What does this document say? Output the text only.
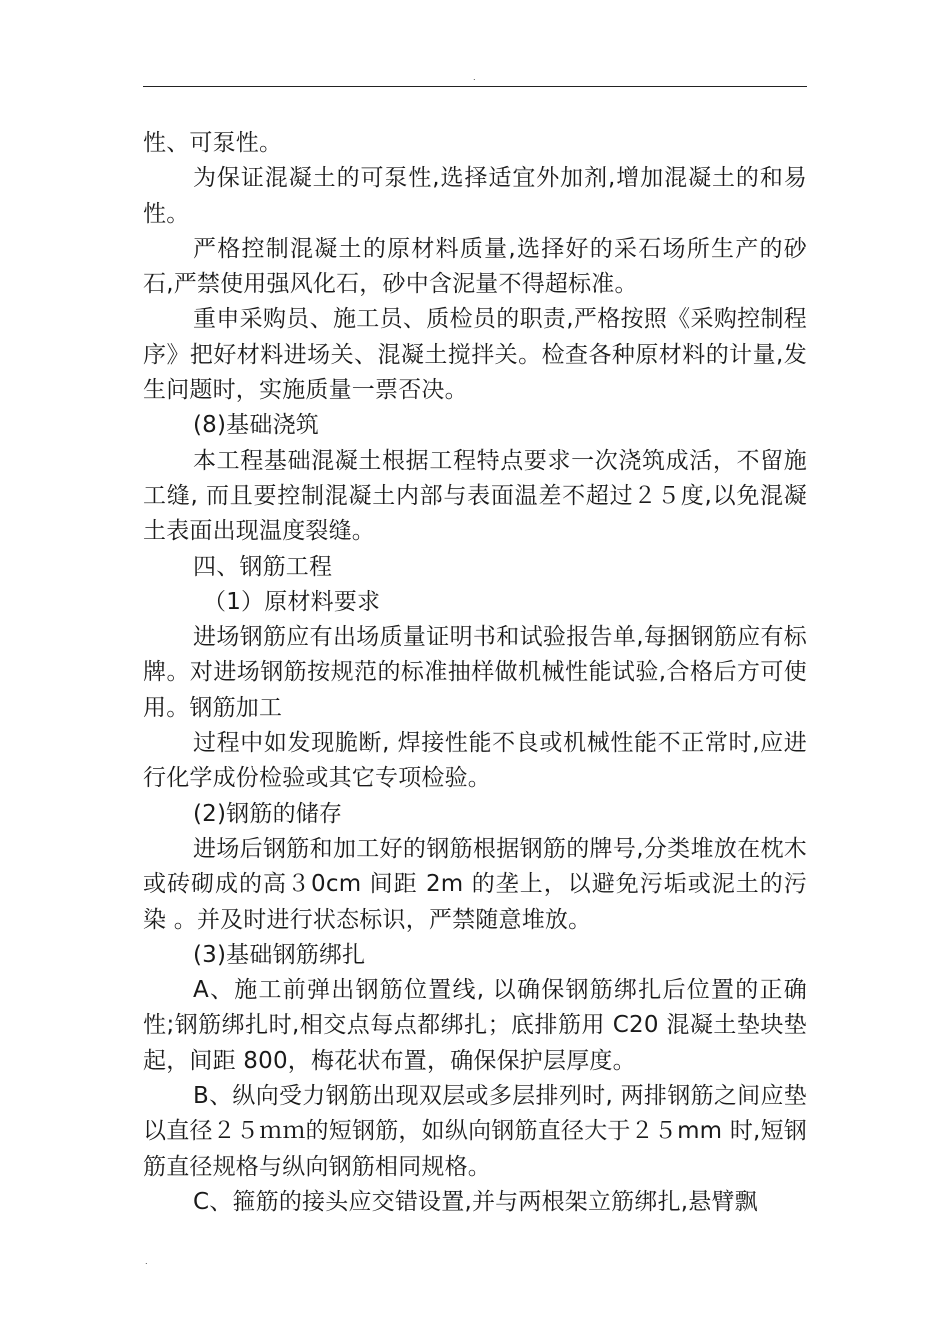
.

性、可泵性。

为保证混凝土的可泵性,选择适宜外加剂,增加混凝土的和易性。

严格控制混凝土的原材料质量,选择好的采石场所生产的砂石,严禁使用强风化石，砂中含泥量不得超标准。

重申采购员、施工员、质检员的职责,严格按照《采购控制程序》把好材料进场关、混凝土搅拌关。检查各种原材料的计量,发生问题时，实施质量一票否决。

(8)基础浇筑

本工程基础混凝土根据工程特点要求一次浇筑成活，不留施工缝, 而且要控制混凝土内部与表面温差不超过２５度,以免混凝土表面出现温度裂缝。

四、钢筋工程

（1）原材料要求

进场钢筋应有出场质量证明书和试验报告单,每捆钢筋应有标牌。对进场钢筋按规范的标准抽样做机械性能试验,合格后方可使用。钢筋加工

过程中如发现脆断, 焊接性能不良或机械性能不正常时,应进行化学成份检验或其它专项检验。

(2)钢筋的储存

进场后钢筋和加工好的钢筋根据钢筋的牌号,分类堆放在枕木或砖砌成的高３0cm 间距 2m 的垄上，以避免污垢或泥土的污染 。并及时进行状态标识，严禁随意堆放。

(3)基础钢筋绑扎

A、施工前弹出钢筋位置线, 以确保钢筋绑扎后位置的正确性;钢筋绑扎时,相交点每点都绑扎；底排筋用 C20 混凝土垫块垫起，间距 800，梅花状布置，确保保护层厚度。

B、纵向受力钢筋出现双层或多层排列时, 两排钢筋之间应垫以直径２５ｍｍ的短钢筋，如纵向钢筋直径大于２５mm 时,短钢筋直径规格与纵向钢筋相同规格。

C、箍筋的接头应交错设置,并与两根架立筋绑扎,悬臂飘

.
